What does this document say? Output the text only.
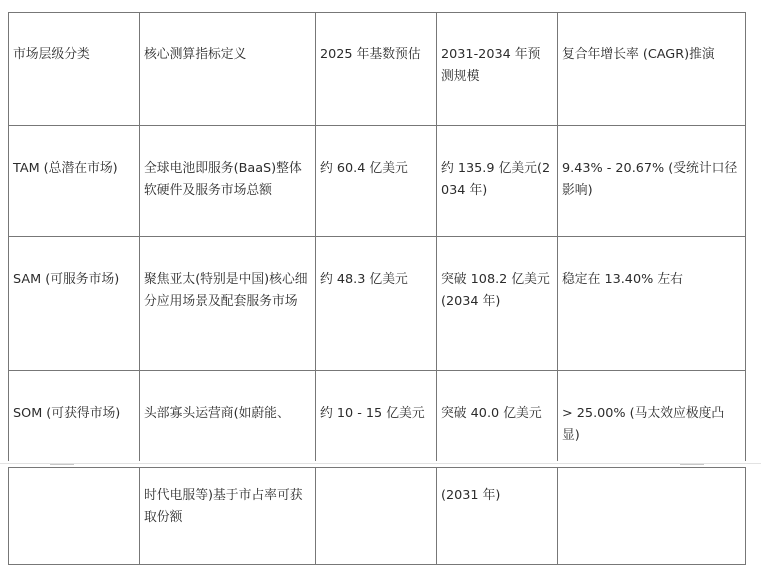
市场层级分类	核心测算指标定义	2025 年基数预估	2031-2034 年预测规模	复合年增长率 (CAGR)推演
TAM (总潜在市场)	全球电池即服务(BaaS)整体软硬件及服务市场总额	约 60.4 亿美元	约 135.9 亿美元(2034 年)	9.43% - 20.67% (受统计口径影响)
SAM (可服务市场)	聚焦亚太(特别是中国)核心细分应用场景及配套服务市场	约 48.3 亿美元	突破 108.2 亿美元(2034 年)	稳定在 13.40% 左右
SOM (可获得市场)	头部寡头运营商(如蔚能、	约 10 - 15 亿美元	突破 40.0 亿美元	> 25.00% (马太效应极度凸显)
	时代电服等)基于市占率可获取份额		(2031 年)	
